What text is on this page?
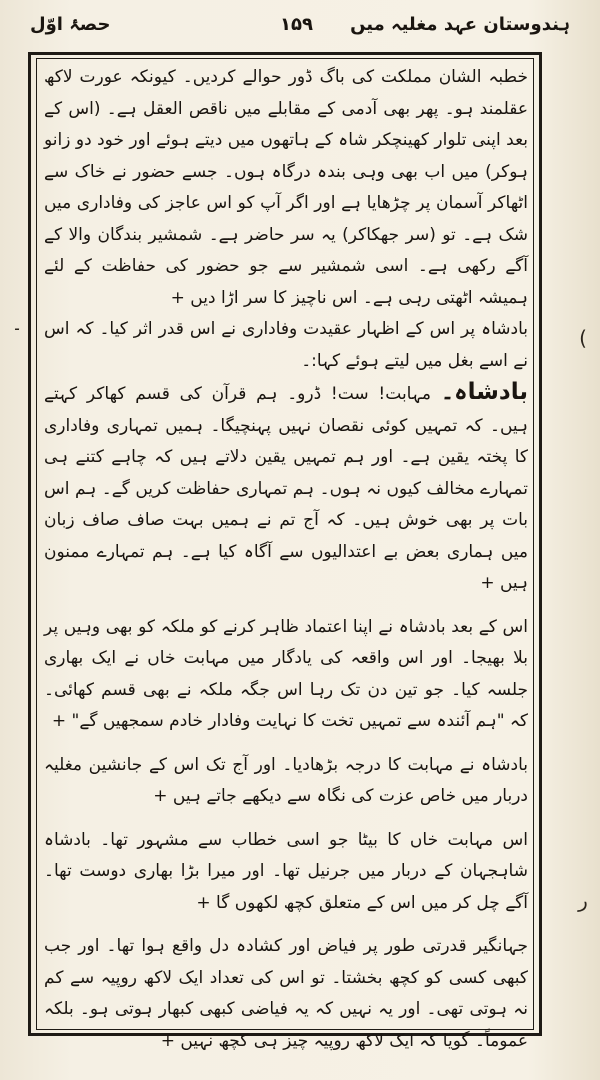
ہندوستان عہد مغلیہ میں
۱۵۹
حصۂ اوّل

خطبہ الشان مملکت کی باگ ڈور حوالے کردیں۔ کیونکہ عورت لاکھ عقلمند ہو۔ پھر بھی آدمی کے مقابلے میں ناقص العقل ہے۔ (اس کے بعد اپنی تلوار کھینچکر شاہ کے ہاتھوں میں دیتے ہوئے اور خود دو زانو ہوکر) میں اب بھی وہی بندہ درگاہ ہوں۔ جسے حضور نے خاک سے اٹھاکر آسمان پر چڑھایا ہے اور اگر آپ کو اس عاجز کی وفاداری میں شک ہے۔ تو (سر جھکاکر) یہ سر حاضر ہے۔ شمشیر بندگان والا کے آگے رکھی ہے۔ اسی شمشیر سے جو حضور کی حفاظت کے لئے ہمیشہ اٹھتی رہی ہے۔ اس ناچیز کا سر اڑا دیں +

بادشاہ پر اس کے اظہار عقیدت وفاداری نے اس قدر اثر کیا۔ کہ اس نے اسے بغل میں لیتے ہوئے کہا:۔

بادشاہ۔ مہابت! ست! ڈرو۔ ہم قرآن کی قسم کھاکر کہتے ہیں۔ کہ تمہیں کوئی نقصان نہیں پہنچیگا۔ ہمیں تمہاری وفاداری کا پختہ یقین ہے۔ اور ہم تمہیں یقین دلاتے ہیں کہ چاہے کتنے ہی تمہارے مخالف کیوں نہ ہوں۔ ہم تمہاری حفاظت کریں گے۔ ہم اس بات پر بھی خوش ہیں۔ کہ آج تم نے ہمیں بہت صاف صاف زبان میں ہماری بعض بے اعتدالیوں سے آگاہ کیا ہے۔ ہم تمہارے ممنون ہیں +

اس کے بعد بادشاہ نے اپنا اعتماد ظاہر کرنے کو ملکہ کو بھی وہیں پر بلا بھیجا۔ اور اس واقعہ کی یادگار میں مہابت خاں نے ایک بھاری جلسہ کیا۔ جو تین دن تک رہا اس جگہ ملکہ نے بھی قسم کھائی۔ کہ "ہم آئندہ سے تمہیں تخت کا نہایت وفادار خادم سمجھیں گے" +

بادشاہ نے مہابت کا درجہ بڑھادیا۔ اور آج تک اس کے جانشین مغلیہ دربار میں خاص عزت کی نگاہ سے دیکھے جاتے ہیں +

اس مہابت خاں کا بیٹا جو اسی خطاب سے مشہور تھا۔ بادشاہ شاہجہان کے دربار میں جرنیل تھا۔ اور میرا بڑا بھاری دوست تھا۔ آگے چل کر میں اس کے متعلق کچھ لکھوں گا +

جہانگیر قدرتی طور پر فیاض اور کشادہ دل واقع ہوا تھا۔ اور جب کبھی کسی کو کچھ بخشتا۔ تو اس کی تعداد ایک لاکھ روپیہ سے کم نہ ہوتی تھی۔ اور یہ نہیں کہ یہ فیاضی کبھی کبھار ہوتی ہو۔ بلکہ عموماً۔ گویا کہ ایک لاکھ روپیہ چیز ہی کچھ نہیں +

۔
(
ﺭ
